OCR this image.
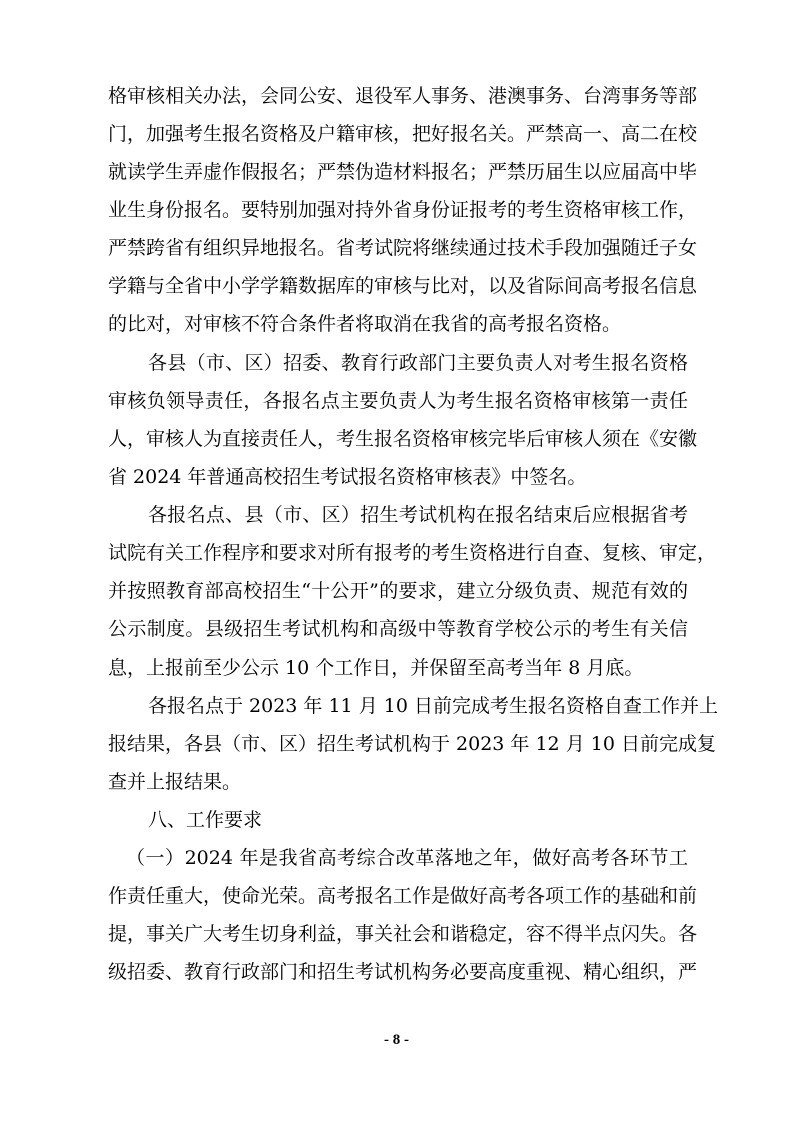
格审核相关办法，会同公安、退役军人事务、港澳事务、台湾事务等部
门，加强考生报名资格及户籍审核，把好报名关。严禁高一、高二在校
就读学生弄虚作假报名；严禁伪造材料报名；严禁历届生以应届高中毕
业生身份报名。要特别加强对持外省身份证报考的考生资格审核工作，
严禁跨省有组织异地报名。省考试院将继续通过技术手段加强随迁子女
学籍与全省中小学学籍数据库的审核与比对，以及省际间高考报名信息
的比对，对审核不符合条件者将取消在我省的高考报名资格。
各县（市、区）招委、教育行政部门主要负责人对考生报名资格
审核负领导责任，各报名点主要负责人为考生报名资格审核第一责任
人，审核人为直接责任人，考生报名资格审核完毕后审核人须在《安徽
省 2024 年普通高校招生考试报名资格审核表》中签名。
各报名点、县（市、区）招生考试机构在报名结束后应根据省考
试院有关工作程序和要求对所有报考的考生资格进行自查、复核、审定，
并按照教育部高校招生“十公开”的要求，建立分级负责、规范有效的
公示制度。县级招生考试机构和高级中等教育学校公示的考生有关信
息，上报前至少公示 10 个工作日，并保留至高考当年 8 月底。
各报名点于 2023 年 11 月 10 日前完成考生报名资格自查工作并上
报结果，各县（市、区）招生考试机构于 2023 年 12 月 10 日前完成复
查并上报结果。
八、工作要求
（一）2024 年是我省高考综合改革落地之年，做好高考各环节工
作责任重大，使命光荣。高考报名工作是做好高考各项工作的基础和前
提，事关广大考生切身利益，事关社会和谐稳定，容不得半点闪失。各
级招委、教育行政部门和招生考试机构务必要高度重视、精心组织，严
- 8 -
